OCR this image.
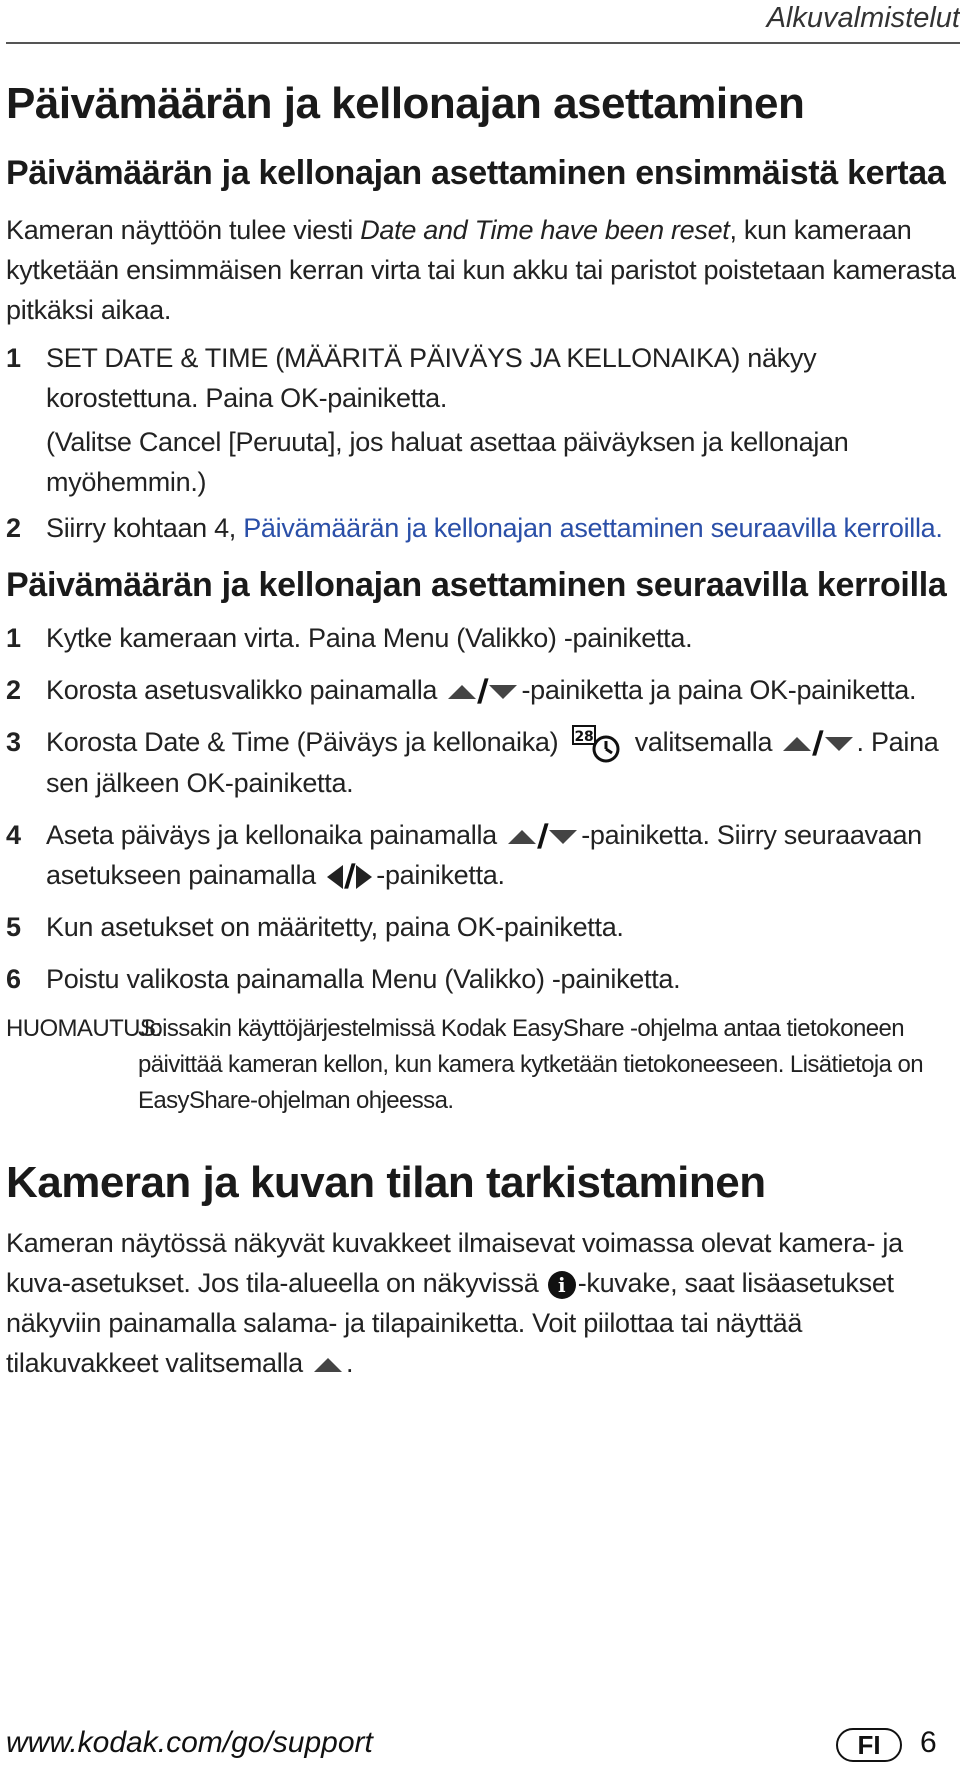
Alkuvalmistelut
Päivämäärän ja kellonajan asettaminen
Päivämäärän ja kellonajan asettaminen ensimmäistä kertaa

Kameran näyttöön tulee viesti Date and Time have been reset, kun kameraan kytketään ensimmäisen kerran virta tai kun akku tai paristot poistetaan kamerasta pitkäksi aikaa.

1 SET DATE & TIME (MÄÄRITÄ PÄIVÄYS JA KELLONAIKA) näkyy korostettuna. Paina OK-painiketta.
(Valitse Cancel [Peruuta], jos haluat asettaa päiväyksen ja kellonajan myöhemmin.)
2 Siirry kohtaan 4, Päivämäärän ja kellonajan asettaminen seuraavilla kerroilla.
Päivämäärän ja kellonajan asettaminen seuraavilla kerroilla
1 Kytke kameraan virta. Paina Menu (Valikko) -painiketta.
2 Korosta asetusvalikko painamalla / -painiketta ja paina OK-painiketta.
3 Korosta Date & Time (Päiväys ja kellonaika) 28 valitsemalla / . Paina sen jälkeen OK-painiketta.
4 Aseta päiväys ja kellonaika painamalla / -painiketta. Siirry seuraavaan asetukseen painamalla / -painiketta.
5 Kun asetukset on määritetty, paina OK-painiketta.
6 Poistu valikosta painamalla Menu (Valikko) -painiketta.
HUOMAUTUS:Joissakin käyttöjärjestelmissä Kodak EasyShare -ohjelma antaa tietokoneen
päivittää kameran kellon, kun kamera kytketään tietokoneeseen. Lisätietoja on
EasyShare-ohjelman ohjeessa.
Kameran ja kuvan tilan tarkistaminen

Kameran näytössä näkyvät kuvakkeet ilmaisevat voimassa olevat kamera- ja kuva-asetukset. Jos tila-alueella on näkyvissä i -kuvake, saat lisäasetukset näkyviin painamalla salama- ja tilapainiketta. Voit piilottaa tai näyttää tilakuvakkeet valitsemalla .

www.kodak.com/go/support	FI	6
